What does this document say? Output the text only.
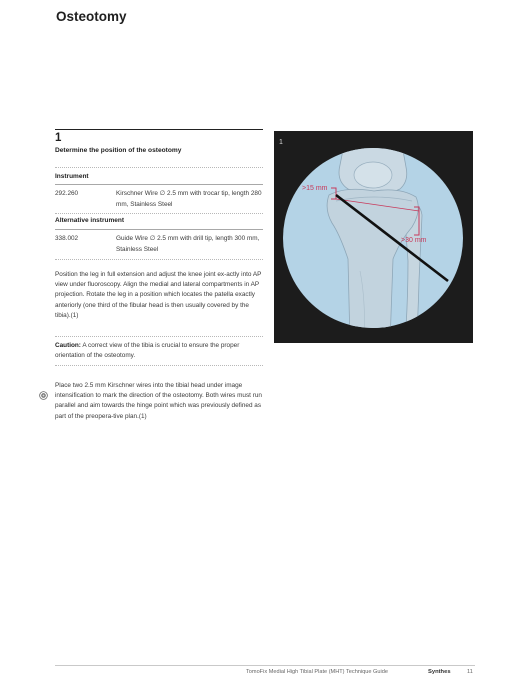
Osteotomy
1
Determine the position of the osteotomy
Instrument
292.260	Kirschner Wire ∅ 2.5 mm with trocar tip, length 280 mm, Stainless Steel
Alternative instrument
338.002	Guide Wire ∅ 2.5 mm with drill tip, length 300 mm, Stainless Steel
Position the leg in full extension and adjust the knee joint ex-actly into AP view under fluoroscopy. Align the medial and lateral compartments in AP projection. Rotate the leg in a position which locates the patella exactly anteriorly (one third of the fibular head is then usually covered by the tibia).(1)
Caution: A correct view of the tibia is crucial to ensure the proper orientation of the osteotomy.
Place two 2.5 mm Kirschner wires into the tibial head under image intensification to mark the direction of the osteotomy. Both wires must run parallel and aim towards the hinge point which was previously defined as part of the preopera-tive plan.(1)
>15 mm
>30 mm
1
TomoFix Medial High Tibial Plate (MHT) Technique Guide	Synthes	11
